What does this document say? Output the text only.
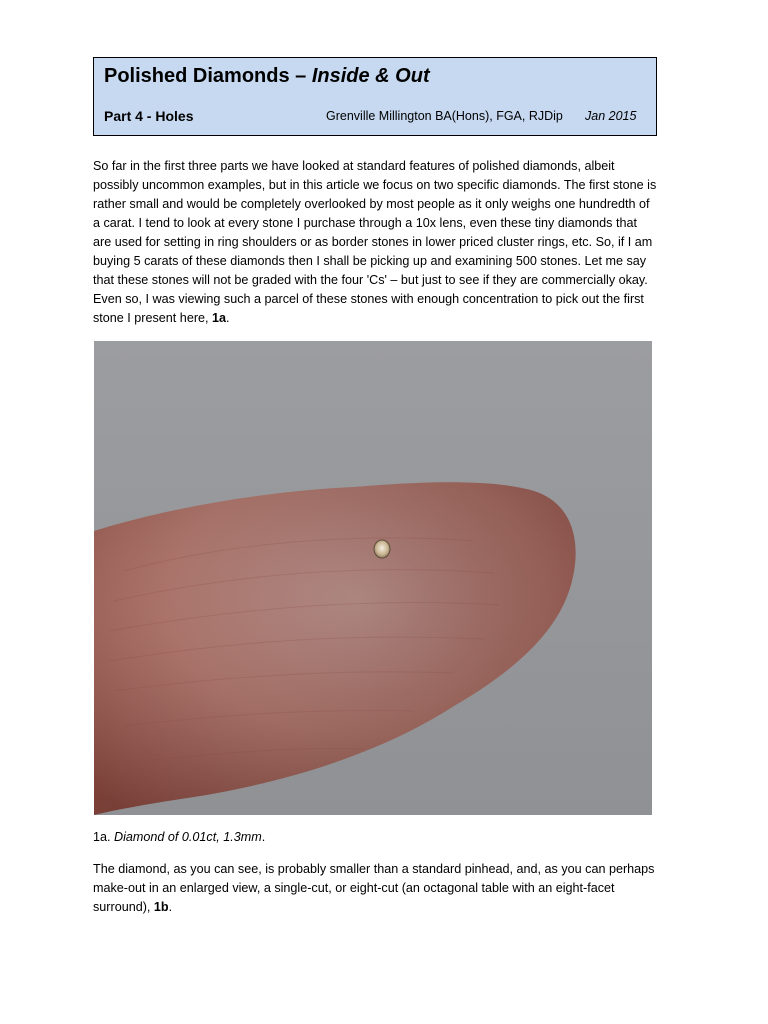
Polished Diamonds – Inside & Out
Part 4 - Holes	Grenville Millington BA(Hons), FGA, RJDip Jan 2015
So far in the first three parts we have looked at standard features of polished diamonds, albeit
possibly uncommon examples, but in this article we focus on two specific diamonds. The first stone is
rather small and would be completely overlooked by most people as it only weighs one hundredth of
a carat. I tend to look at every stone I purchase through a 10x lens, even these tiny diamonds that
are used for setting in ring shoulders or as border stones in lower priced cluster rings, etc. So, if I am
buying 5 carats of these diamonds then I shall be picking up and examining 500 stones. Let me say
that these stones will not be graded with the four 'Cs' – but just to see if they are commercially okay.
Even so, I was viewing such a parcel of these stones with enough concentration to pick out the first
stone I present here, 1a.
1a. Diamond of 0.01ct, 1.3mm.
The diamond, as you can see, is probably smaller than a standard pinhead, and, as you can perhaps
make-out in an enlarged view, a single-cut, or eight-cut (an octagonal table with an eight-facet
surround), 1b.
